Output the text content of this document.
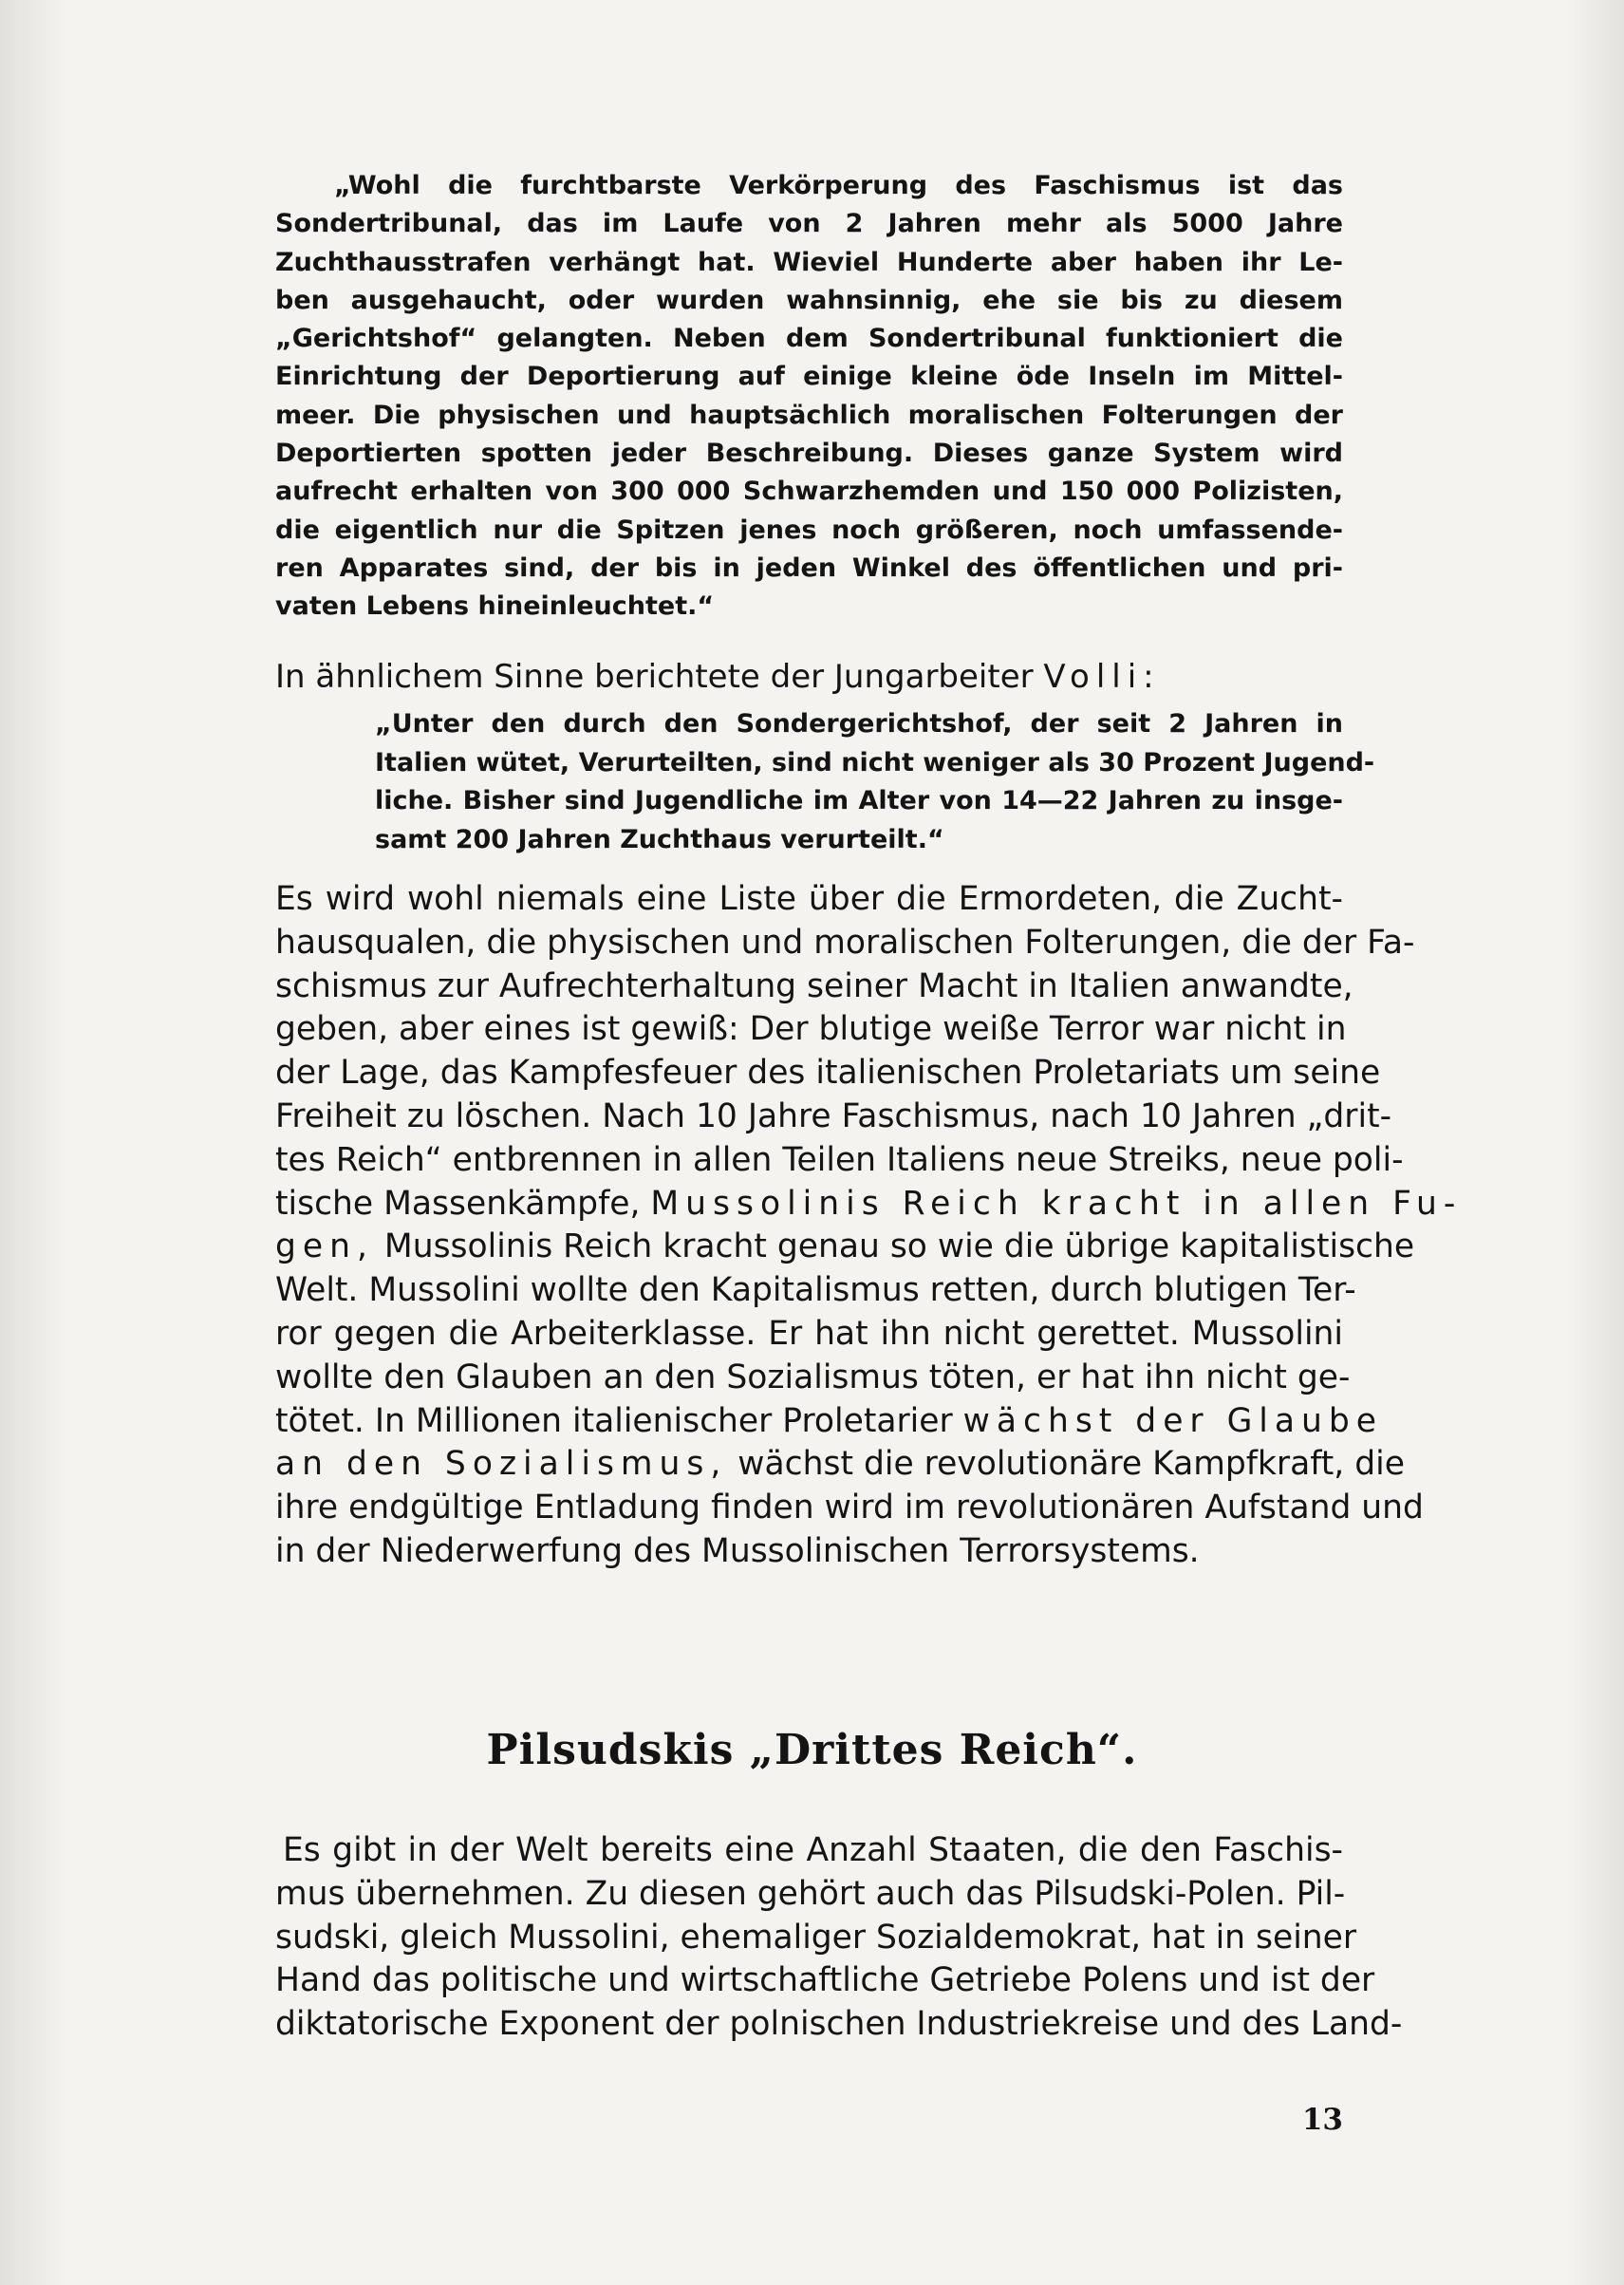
„Wohl die furchtbarste Verkörperung des Faschismus ist das
Sondertribunal, das im Laufe von 2 Jahren mehr als 5000 Jahre
Zuchthausstrafen verhängt hat. Wieviel Hunderte aber haben ihr Le-
ben ausgehaucht, oder wurden wahnsinnig, ehe sie bis zu diesem
„Gerichtshof“ gelangten. Neben dem Sondertribunal funktioniert die
Einrichtung der Deportierung auf einige kleine öde Inseln im Mittel-
meer. Die physischen und hauptsächlich moralischen Folterungen der
Deportierten spotten jeder Beschreibung. Dieses ganze System wird
aufrecht erhalten von 300 000 Schwarzhemden und 150 000 Polizisten,
die eigentlich nur die Spitzen jenes noch größeren, noch umfassende-
ren Apparates sind, der bis in jeden Winkel des öffentlichen und pri-
vaten Lebens hineinleuchtet.“
In ähnlichem Sinne berichtete der Jungarbeiter Volli:
„Unter den durch den Sondergerichtshof, der seit 2 Jahren in
Italien wütet, Verurteilten, sind nicht weniger als 30 Prozent Jugend-
liche. Bisher sind Jugendliche im Alter von 14—22 Jahren zu insge-
samt 200 Jahren Zuchthaus verurteilt.“
Es wird wohl niemals eine Liste über die Ermordeten, die Zucht-
hausqualen, die physischen und moralischen Folterungen, die der Fa-
schismus zur Aufrechterhaltung seiner Macht in Italien anwandte,
geben, aber eines ist gewiß: Der blutige weiße Terror war nicht in
der Lage, das Kampfesfeuer des italienischen Proletariats um seine
Freiheit zu löschen. Nach 10 Jahre Faschismus, nach 10 Jahren „drit-
tes Reich“ entbrennen in allen Teilen Italiens neue Streiks, neue poli-
tische Massenkämpfe, Mussolinis Reich kracht in allen Fu-
gen, Mussolinis Reich kracht genau so wie die übrige kapitalistische
Welt. Mussolini wollte den Kapitalismus retten, durch blutigen Ter-
ror gegen die Arbeiterklasse. Er hat ihn nicht gerettet. Mussolini
wollte den Glauben an den Sozialismus töten, er hat ihn nicht ge-
tötet. In Millionen italienischer Proletarier wächst der Glaube
an den Sozialismus, wächst die revolutionäre Kampfkraft, die
ihre endgültige Entladung finden wird im revolutionären Aufstand und
in der Niederwerfung des Mussolinischen Terrorsystems.
Pilsudskis „Drittes Reich“.
Es gibt in der Welt bereits eine Anzahl Staaten, die den Faschis-
mus übernehmen. Zu diesen gehört auch das Pilsudski-Polen. Pil-
sudski, gleich Mussolini, ehemaliger Sozialdemokrat, hat in seiner
Hand das politische und wirtschaftliche Getriebe Polens und ist der
diktatorische Exponent der polnischen Industriekreise und des Land-
13
